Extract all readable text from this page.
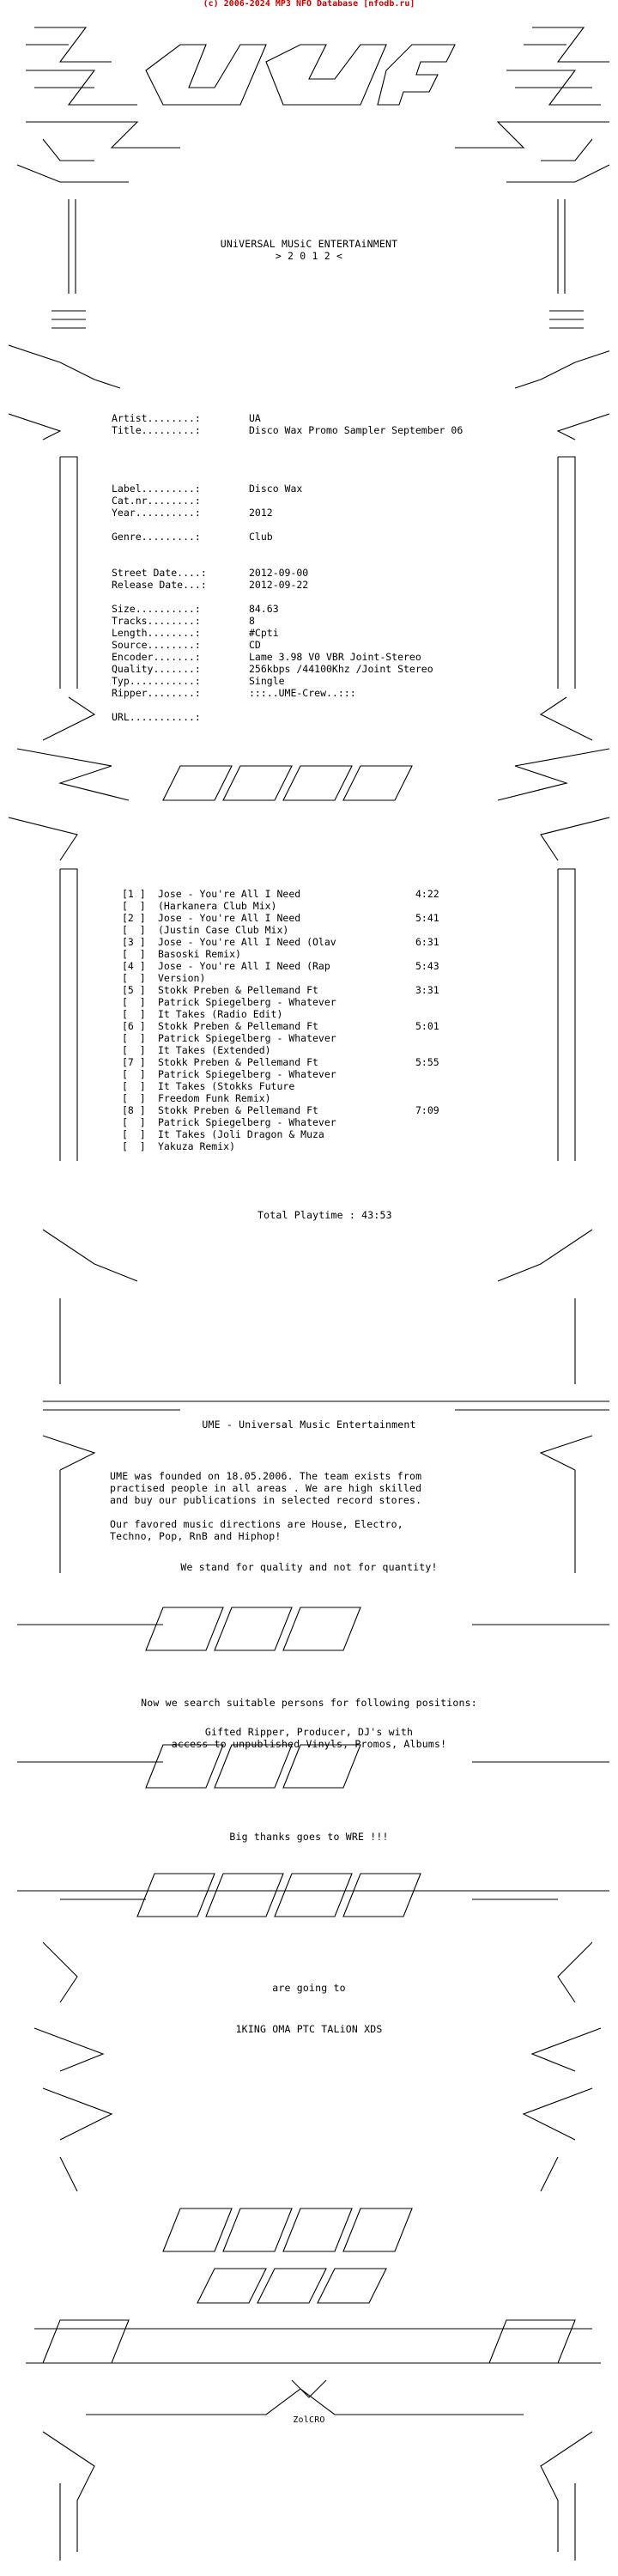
(c) 2006-2024 MP3 NFO Database [nfodb.ru]
UNiVERSAL MUSiC ENTERTAiNMENT
> 2 0 1 2 <
Artist........:	UA
Title.........:	Disco Wax Promo Sampler September 06
Label.........:	Disco Wax
Cat.nr........:
Year..........:	2012
Genre.........:	Club
Street Date....:	2012-09-00
Release Date...:	2012-09-22
Size..........:	84.63
Tracks........:	8
Length........:	#Cpti
Source........:	CD
Encoder.......:	Lame 3.98 V0 VBR Joint-Stereo
Quality.......:	256kbps /44100Khz /Joint Stereo
Typ...........:	Single
Ripper........:	:::..UME-Crew..:::
URL...........:
[1 ] Jose - You're All I Need	4:22
[  ] (Harkanera Club Mix)
[2 ] Jose - You're All I Need	5:41
[  ] (Justin Case Club Mix)
[3 ] Jose - You're All I Need (Olav	6:31
[  ] Basoski Remix)
[4 ] Jose - You're All I Need (Rap	5:43
[  ] Version)
[5 ] Stokk Preben & Pellemand Ft	3:31
[  ] Patrick Spiegelberg - Whatever
[  ] It Takes (Radio Edit)
[6 ] Stokk Preben & Pellemand Ft	5:01
[  ] Patrick Spiegelberg - Whatever
[  ] It Takes (Extended)
[7 ] Stokk Preben & Pellemand Ft	5:55
[  ] Patrick Spiegelberg - Whatever
[  ] It Takes (Stokks Future
[  ] Freedom Funk Remix)
[8 ] Stokk Preben & Pellemand Ft	7:09
[  ] Patrick Spiegelberg - Whatever
[  ] It Takes (Joli Dragon & Muza
[  ] Yakuza Remix)
Total Playtime : 43:53
UME - Universal Music Entertainment
UME was founded on 18.05.2006. The team exists from
practised people in all areas . We are high skilled
and buy our publications in selected record stores.
Our favored music directions are House, Electro,
Techno, Pop, RnB and Hiphop!
We stand for quality and not for quantity!
Now we search suitable persons for following positions:
Gifted Ripper, Producer, DJ's with
access to unpublished Vinyls, Promos, Albums!
Big thanks goes to WRE !!!
are going to
1KING OMA PTC TALiON XDS
ZolCRO
